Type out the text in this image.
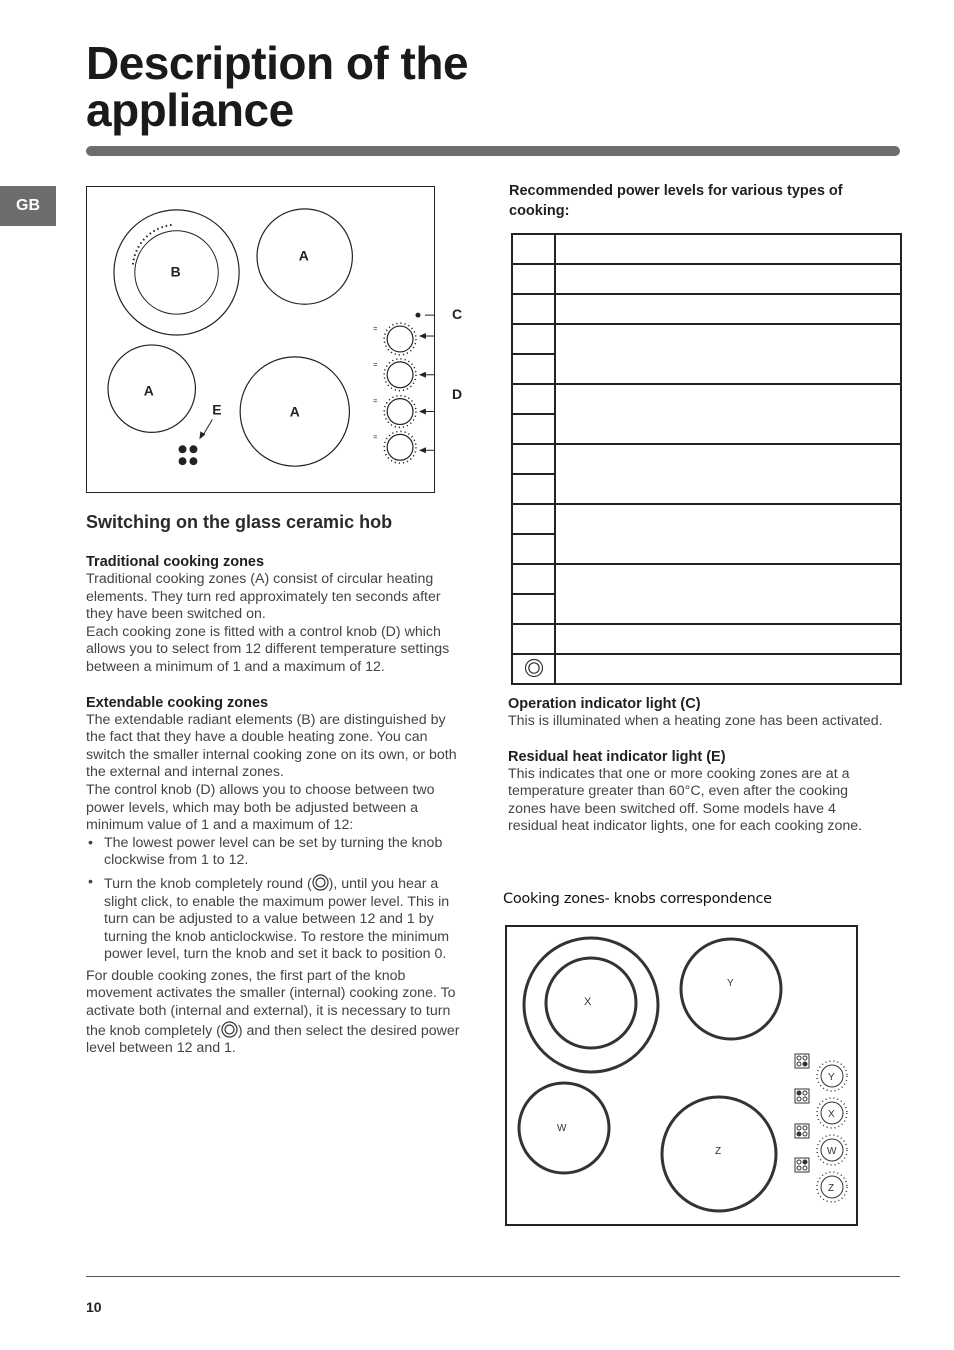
Description of the
appliance
GB
B
A
A
A
E
=
=
=
=
C
D
Switching on the glass ceramic hob
Traditional cooking zones
Traditional cooking zones (A) consist of circular heating elements. They turn red approximately ten seconds after they have been switched on.
Each cooking zone is fitted with a control knob (D) which allows you to select from 12 different temperature settings between a minimum of 1 and a maximum of 12.
Extendable cooking zones
The extendable radiant elements (B) are distinguished by the fact that they have a double heating zone. You can switch the smaller internal cooking zone on its own, or both the external and internal zones.
The control knob (D) allows you to choose between two power levels, which may both be adjusted between a minimum value of 1 and a maximum of 12:
• The lowest power level can be set by turning the knob clockwise from 1 to 12.
• Turn the knob completely round ( ), until you hear a slight click, to enable the maximum power level. This in turn can be adjusted to a value between 12 and 1 by turning the knob anticlockwise. To restore the minimum power level, turn the knob and set it back to position 0.
For double cooking zones, the first part of the knob movement activates the smaller (internal) cooking zone. To activate both (internal and external), it is necessary to turn the knob completely ( ) and then select the desired power level between 12 and 1.
Recommended power levels for various types of cooking:

Operation indicator light (C)
This is illuminated when a heating zone has been activated.
Residual heat indicator light (E)
This indicates that one or more cooking zones are at a temperature greater than 60°C, even after the cooking zones have been switched off. Some models have 4 residual heat indicator lights, one for each cooking zone.
Cooking zones- knobs correspondence
X
Y
W
Z
Y
X
W
Z
10
